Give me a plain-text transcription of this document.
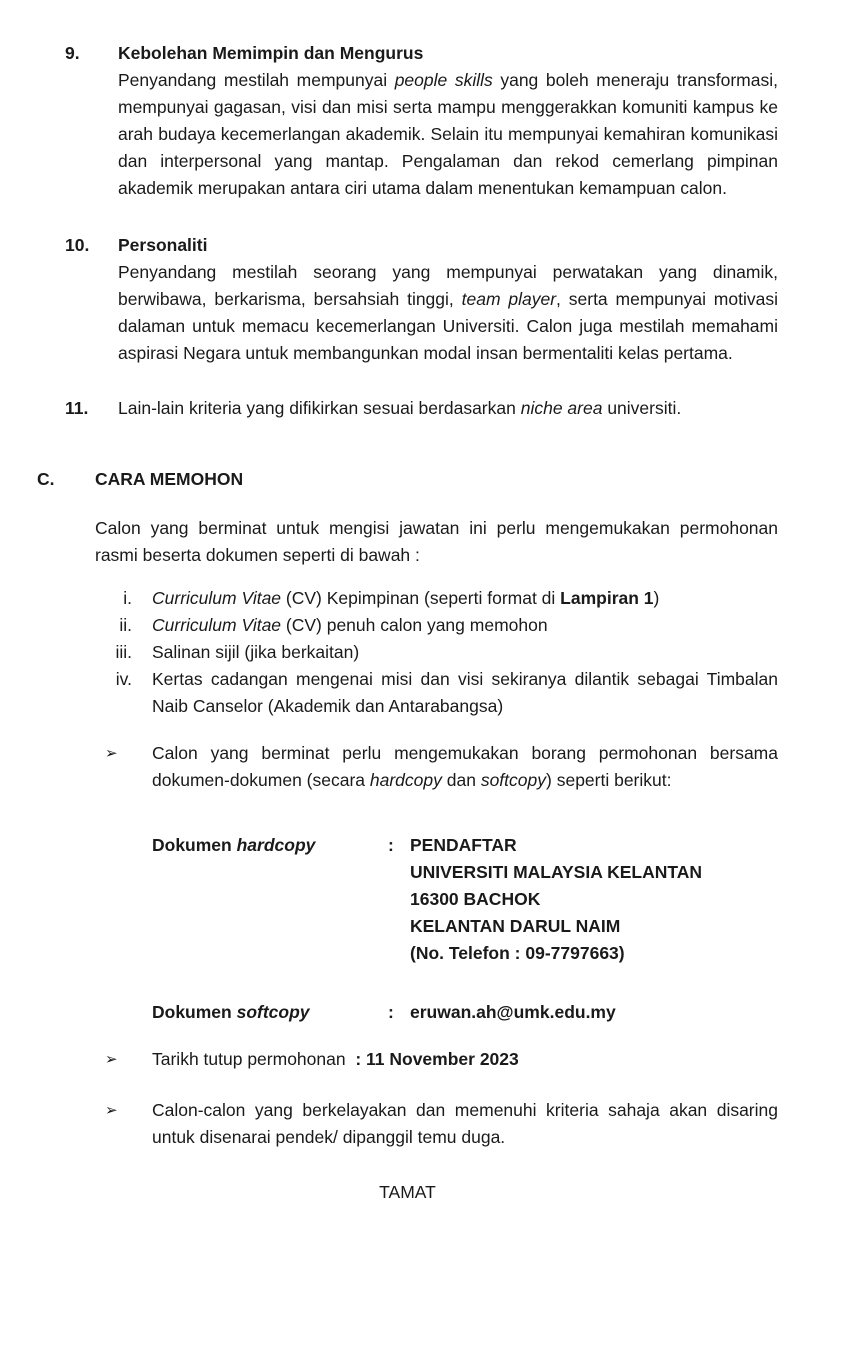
9.	Kebolehan Memimpin dan Mengurus

Penyandang mestilah mempunyai people skills yang boleh meneraju transformasi, mempunyai gagasan, visi dan misi serta mampu menggerakkan komuniti kampus ke arah budaya kecemerlangan akademik. Selain itu mempunyai kemahiran komunikasi dan interpersonal yang mantap. Pengalaman dan rekod cemerlang pimpinan akademik merupakan antara ciri utama dalam menentukan kemampuan calon.

10.	Personaliti

Penyandang mestilah seorang yang mempunyai perwatakan yang dinamik, berwibawa, berkarisma, bersahsiah tinggi, team player, serta mempunyai motivasi dalaman untuk memacu kecemerlangan Universiti. Calon juga mestilah memahami aspirasi Negara untuk membangunkan modal insan bermentaliti kelas pertama.

11.	Lain-lain kriteria yang difikirkan sesuai berdasarkan niche area universiti.

C.	CARA MEMOHON

Calon yang berminat untuk mengisi jawatan ini perlu mengemukakan permohonan rasmi beserta dokumen seperti di bawah :

i. Curriculum Vitae (CV) Kepimpinan (seperti format di Lampiran 1)
ii. Curriculum Vitae (CV) penuh calon yang memohon
iii. Salinan sijil (jika berkaitan)
iv. Kertas cadangan mengenai misi dan visi sekiranya dilantik sebagai Timbalan Naib Canselor (Akademik dan Antarabangsa)
➢	Calon yang berminat perlu mengemukakan borang permohonan bersama dokumen-dokumen (secara hardcopy dan softcopy) seperti berikut:
Dokumen hardcopy	: PENDAFTAR
UNIVERSITI MALAYSIA KELANTAN
16300 BACHOK
KELANTAN DARUL NAIM
(No. Telefon : 09-7797663)
Dokumen softcopy	: eruwan.ah@umk.edu.my
➢	Tarikh tutup permohonan  : 11 November 2023
➢	Calon-calon yang berkelayakan dan memenuhi kriteria sahaja akan disaring untuk disenarai pendek/ dipanggil temu duga.
TAMAT
